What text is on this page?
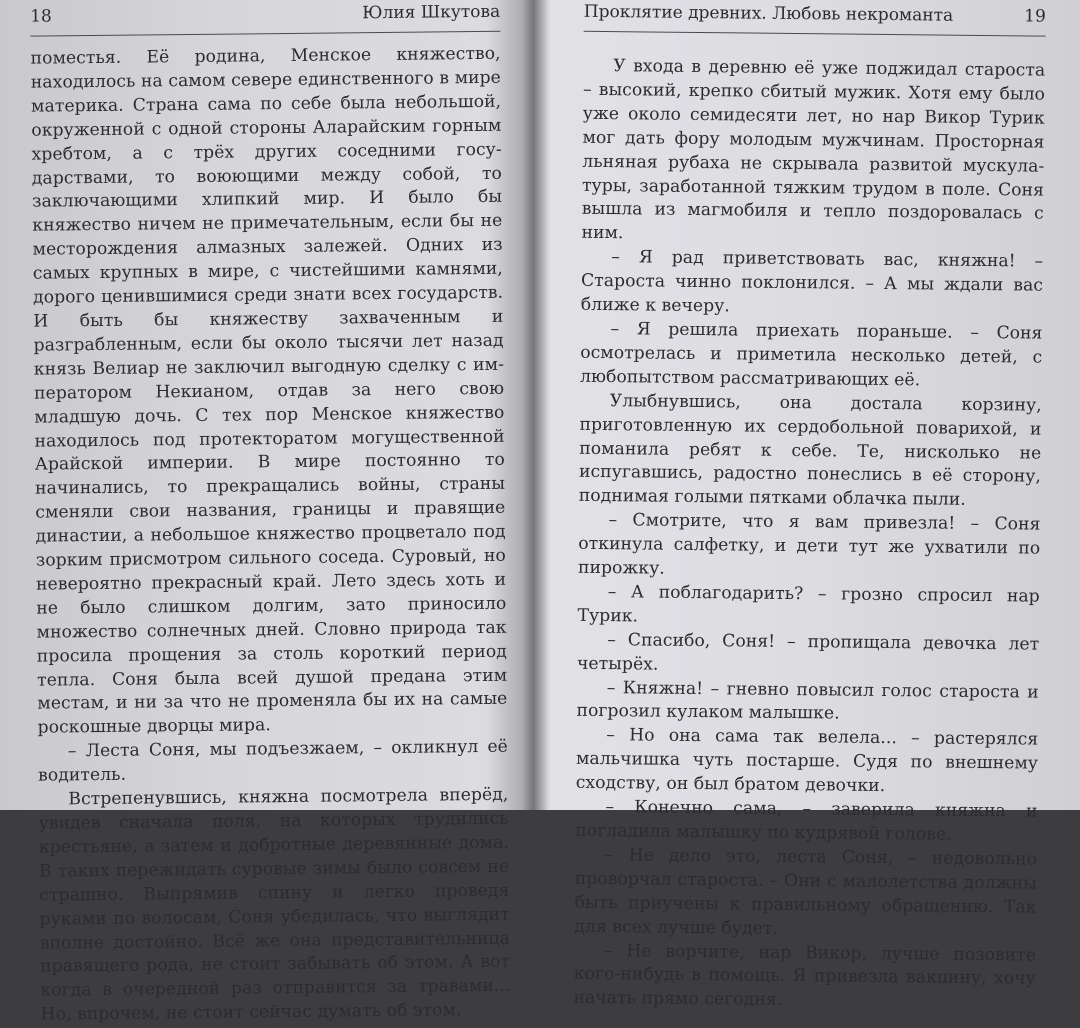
18	Юлия Шкутова

поместья. Её родина, Менское княжество, находилось на самом севере единственного в мире материка. Страна сама по себе была небольшой, окруженной с одной стороны Аларайским горным хребтом, а с трёх других соседними государствами, то воюющими между собой, то заключающими хлипкий мир. И было бы княжество ничем не примечательным, если бы не месторождения алмазных залежей. Одних из самых крупных в мире, с чистейшими камнями, дорого ценившимися среди знати всех государств. И быть бы княжеству захваченным и разграбленным, если бы около тысячи лет назад князь Велиар не заключил выгодную сделку с императором Некианом, отдав за него свою младшую дочь. С тех пор Менское княжество находилось под протекторатом могущественной Арайской империи. В мире постоянно то начинались, то прекращались войны, страны сменяли свои названия, границы и правящие династии, а небольшое княжество процветало под зорким присмотром сильного соседа. Суровый, но невероятно прекрасный край. Лето здесь хоть и не было слишком долгим, зато приносило множество солнечных дней. Словно природа так просила прощения за столь короткий период тепла. Соня была всей душой предана этим местам, и ни за что не променяла бы их на самые роскошные дворцы мира.

– Леста Соня, мы подъезжаем, – окликнул её водитель.

Встрепенувшись, княжна посмотрела вперёд, увидев сначала поля, на которых трудились крестьяне, а затем и добротные деревянные дома. В таких пережидать суровые зимы было совсем не страшно. Выпрямив спину и легко проведя руками по волосам, Соня убедилась, что выглядит вполне достойно. Всё же она представительница правящего рода, не стоит забывать об этом. А вот когда в очередной раз отправится за травами... Но, впрочем, не стоит сейчас думать об этом.

Проклятие древних. Любовь некроманта	19

У входа в деревню её уже поджидал староста – высокий, крепко сбитый мужик. Хотя ему было уже около семидесяти лет, но нар Викор Турик мог дать фору молодым мужчинам. Просторная льняная рубаха не скрывала развитой мускулатуры, заработанной тяжким трудом в поле. Соня вышла из магмобиля и тепло поздоровалась с ним.

– Я рад приветствовать вас, княжна! – Староста чинно поклонился. – А мы ждали вас ближе к вечеру.

– Я решила приехать пораньше. – Соня осмотрелась и приметила несколько детей, с любопытством рассматривающих её.

Улыбнувшись, она достала корзину, приготовленную их сердобольной поварихой, и поманила ребят к себе. Те, нисколько не испугавшись, радостно понеслись в её сторону, поднимая голыми пятками облачка пыли.

– Смотрите, что я вам привезла! – Соня откинула салфетку, и дети тут же ухватили по пирожку.

– А поблагодарить? – грозно спросил нар Турик.

– Спасибо, Соня! – пропищала девочка лет четырёх.

– Княжна! – гневно повысил голос староста и погрозил кулаком малышке.

– Но она сама так велела... – растерялся мальчишка чуть постарше. Судя по внешнему сходству, он был братом девочки.

– Конечно сама, – заверила княжна и погладила малышку по кудрявой голове.

– Не дело это, леста Соня, – недовольно проворчал староста. – Они с малолетства должны быть приучены к правильному обращению. Так для всех лучше будет.

– Не ворчите, нар Викор, лучше позовите кого-нибудь в помощь. Я привезла вакцину, хочу начать прямо сегодня.
